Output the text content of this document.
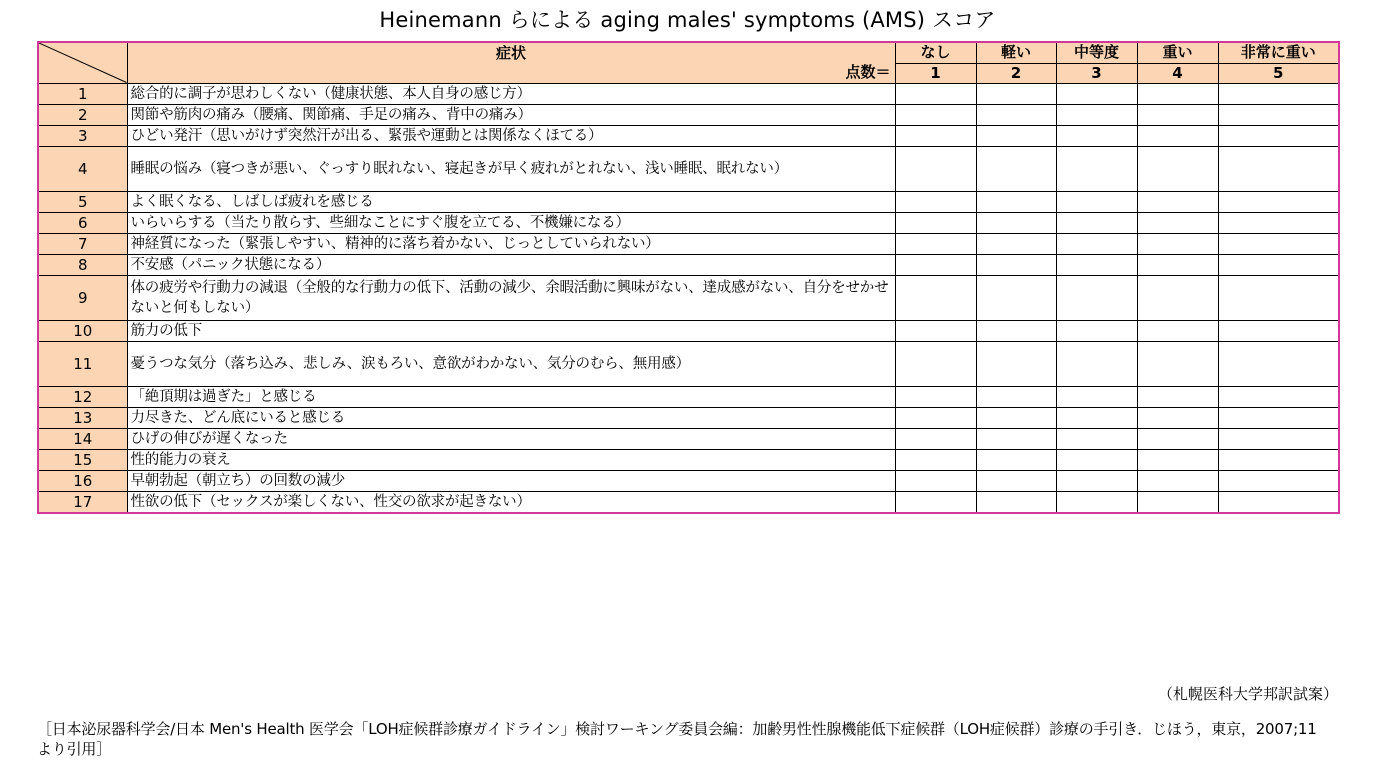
Heinemann らによる aging males' symptoms (AMS) スコア
	症状	なし	軽い	中等度	重い	非常に重い
	点数＝	1	2	3	4	5
1	総合的に調子が思わしくない（健康状態、本人自身の感じ方）					
2	関節や筋肉の痛み（腰痛、関節痛、手足の痛み、背中の痛み）					
3	ひどい発汗（思いがけず突然汗が出る、緊張や運動とは関係なくほてる）					
4	睡眠の悩み（寝つきが悪い、ぐっすり眠れない、寝起きが早く疲れがとれない、浅い睡眠、眠れない）					
5	よく眠くなる、しばしば疲れを感じる					
6	いらいらする（当たり散らす、些細なことにすぐ腹を立てる、不機嫌になる）					
7	神経質になった（緊張しやすい、精神的に落ち着かない、じっとしていられない）					
8	不安感（パニック状態になる）					
9	体の疲労や行動力の減退（全般的な行動力の低下、活動の減少、余暇活動に興味がない、達成感がない、自分をせかせないと何もしない）					
10	筋力の低下					
11	憂うつな気分（落ち込み、悲しみ、涙もろい、意欲がわかない、気分のむら、無用感）					
12	「絶頂期は過ぎた」と感じる					
13	力尽きた、どん底にいると感じる					
14	ひげの伸びが遅くなった					
15	性的能力の衰え					
16	早朝勃起（朝立ち）の回数の減少					
17	性欲の低下（セックスが楽しくない、性交の欲求が起きない）					
（札幌医科大学邦訳試案）
［日本泌尿器科学会/日本 Men's Health 医学会「LOH症候群診療ガイドライン」検討ワーキング委員会編：加齢男性性腺機能低下症候群（LOH症候群）診療の手引き．じほう，東京，2007;11 より引用］
